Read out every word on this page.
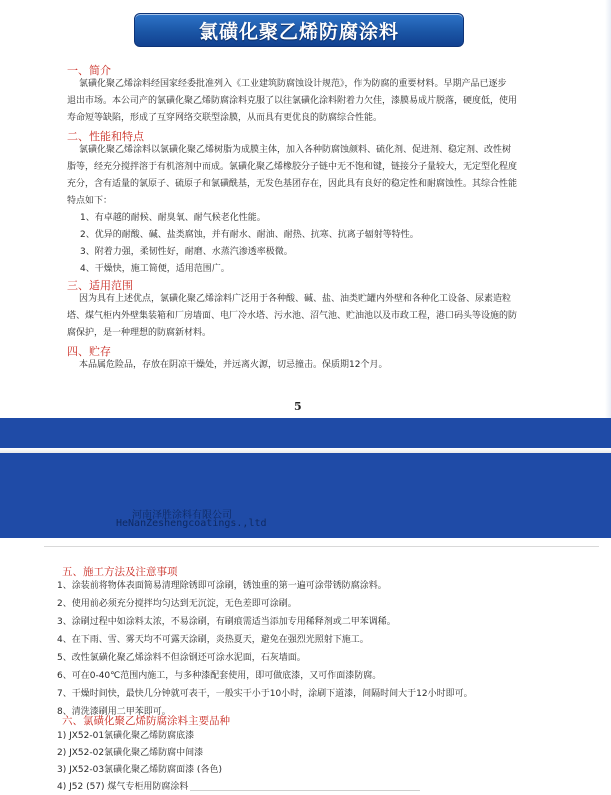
氯磺化聚乙烯防腐涂料
一、简介
氯磺化聚乙烯涂料经国家经委批准列入《工业建筑防腐蚀设计规范》，作为防腐的重要材料。早期产品已逐步
退出市场。本公司产的氯磺化聚乙烯防腐涂料克服了以往氯磺化涂料附着力欠佳，漆膜易成片脱落，硬度低，使用
寿命短等缺陷，形成了互穿网络交联型涂膜，从而具有更优良的防腐综合性能。
二、性能和特点
氯磺化聚乙烯涂料以氯磺化聚乙烯树脂为成膜主体，加入各种防腐蚀颜料、硫化剂、促进剂、稳定剂、改性树
脂等，经充分搅拌溶于有机溶剂中而成。氯磺化聚乙烯橡胶分子链中无不饱和键，链接分子量较大，无定型化程度
充分，含有适量的氯原子、硫原子和氯磺酰基，无发色基团存在，因此具有良好的稳定性和耐腐蚀性。其综合性能
特点如下：
1、有卓越的耐候、耐臭氧、耐气候老化性能。
2、优异的耐酸、碱、盐类腐蚀，并有耐水、耐油、耐热、抗寒、抗离子辐射等特性。
3、附着力强，柔韧性好，耐磨、水蒸汽渗透率极微。
4、干燥快，施工简便，适用范围广。
三、适用范围
因为具有上述优点，氯磺化聚乙烯涂料广泛用于各种酸、碱、盐、油类贮罐内外壁和各种化工设备、尿素造粒
塔、煤气柜内外壁集装箱和厂房墙面、电厂冷水塔、污水池、沼气池、贮油池以及市政工程，港口码头等设施的防
腐保护，是一种理想的防腐新材料。
四、贮存
本品属危险品，存放在阴凉干燥处，并远离火源，切忌撞击。保质期12个月。
5
河南泽胜涂料有限公司
HeNanZeshengcoatings.,ltd
五、施工方法及注意事项
1、涂装前将物体表面简易清理除锈即可涂刷，锈蚀重的第一遍可涂带锈防腐涂料。
2、使用前必须充分搅拌均匀达到无沉淀，无色差即可涂刷。
3、涂刷过程中如涂料太浓，不易涂刷，有刷痕需适当添加专用稀释剂或二甲苯调稀。
4、在下雨、雪、雾天均不可露天涂刷，炎热夏天，避免在强烈光照射下施工。
5、改性氯磺化聚乙烯涂料不但涂钢还可涂水泥面，石灰墙面。
6、可在0-40℃范围内施工，与多种漆配套使用，即可做底漆，又可作面漆防腐。
7、干燥时间快，最快几分钟就可表干，一般实干小于10小时，涂刷下道漆，间隔时间大于12小时即可。
8、清洗漆刷用二甲苯即可。
六、氯磺化聚乙烯防腐涂料主要品种
1) JX52-01氯磺化聚乙烯防腐底漆
2) JX52-02氯磺化聚乙烯防腐中间漆
3) JX52-03氯磺化聚乙烯防腐面漆 (各色)
4) J52 (57) 煤气专柜用防腐涂料
